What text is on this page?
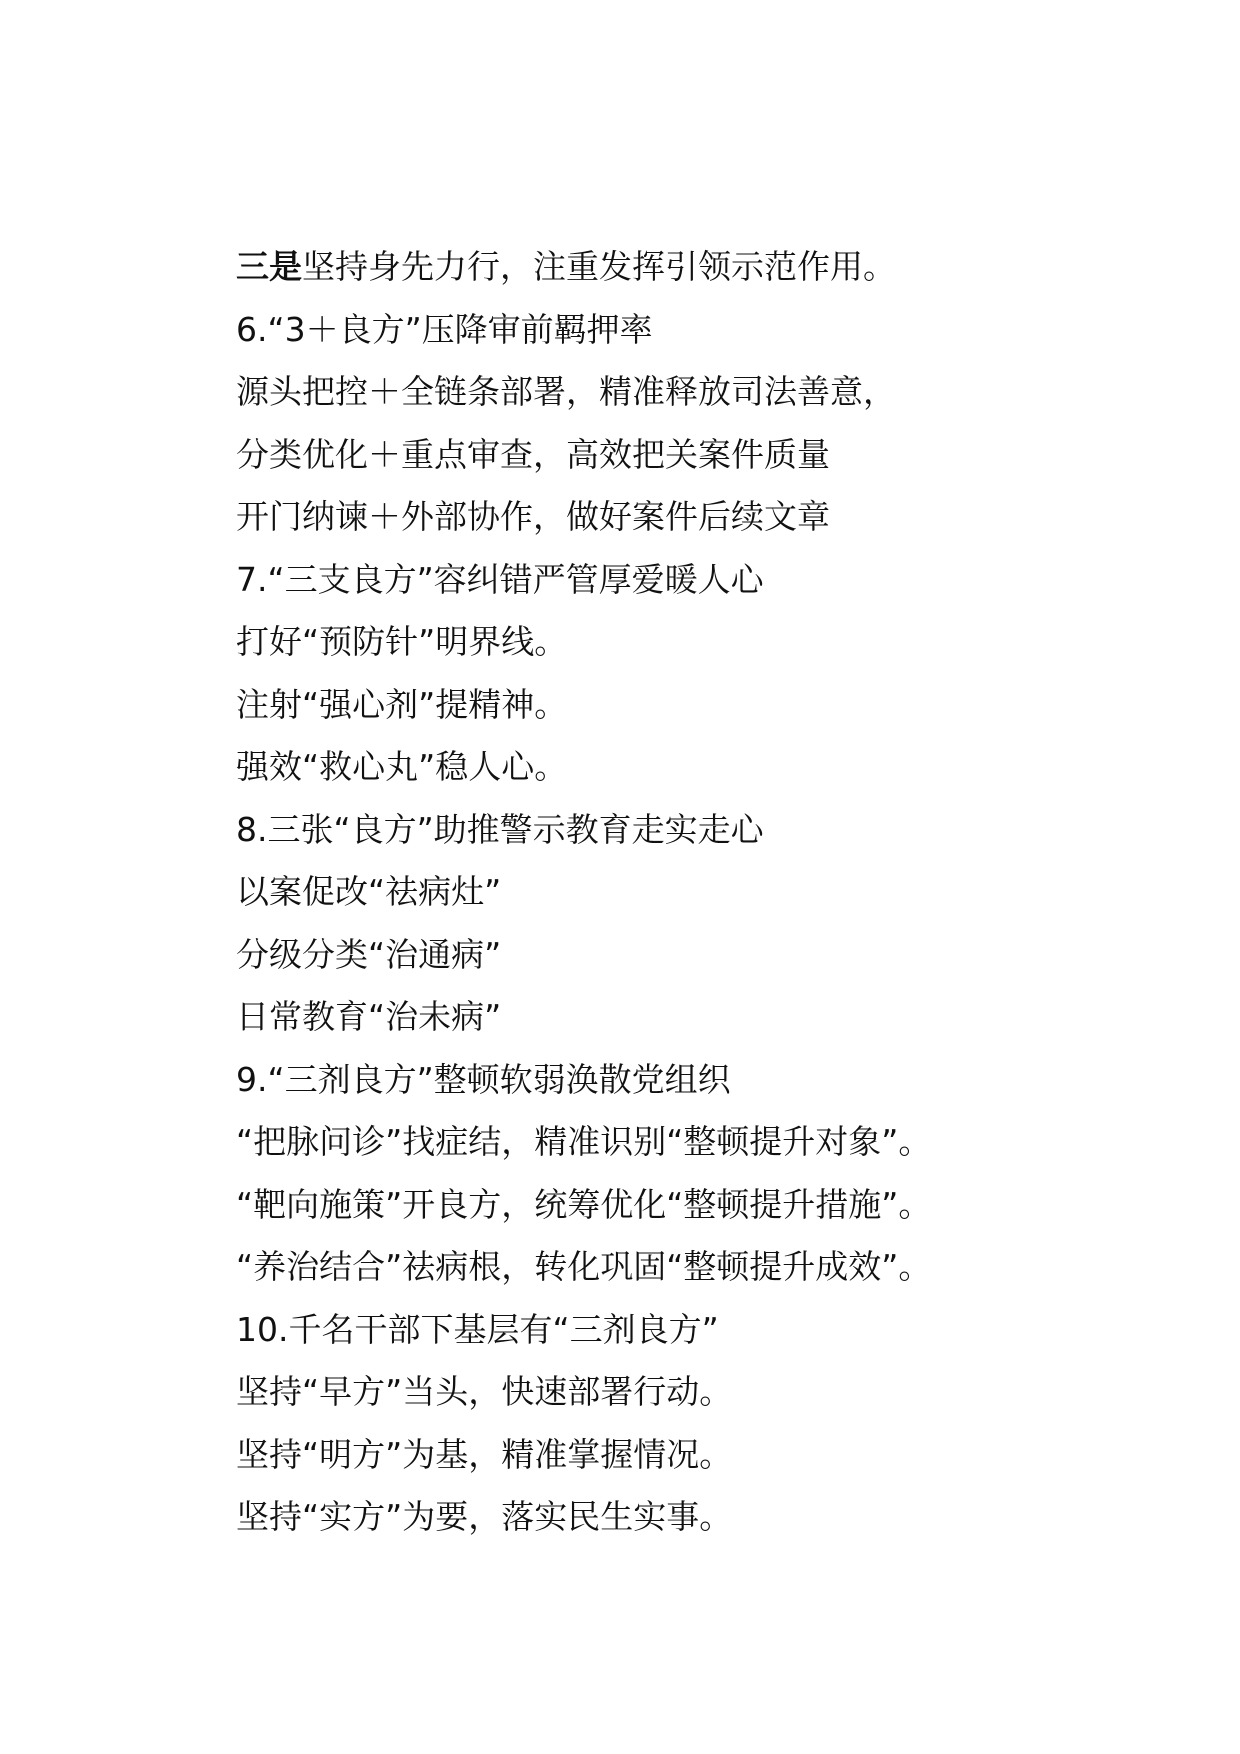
三是坚持身先力行，注重发挥引领示范作用。

6.“3＋良方”压降审前羁押率

源头把控＋全链条部署，精准释放司法善意，

分类优化＋重点审查，高效把关案件质量

开门纳谏＋外部协作，做好案件后续文章

7.“三支良方”容纠错严管厚爱暖人心

打好“预防针”明界线。

注射“强心剂”提精神。

强效“救心丸”稳人心。

8.三张“良方”助推警示教育走实走心

以案促改“祛病灶”

分级分类“治通病”

日常教育“治未病”

9.“三剂良方”整顿软弱涣散党组织

“把脉问诊”找症结，精准识别“整顿提升对象”。

“靶向施策”开良方，统筹优化“整顿提升措施”。

“养治结合”祛病根，转化巩固“整顿提升成效”。

10.千名干部下基层有“三剂良方”

坚持“早方”当头，快速部署行动。

坚持“明方”为基，精准掌握情况。

坚持“实方”为要，落实民生实事。
